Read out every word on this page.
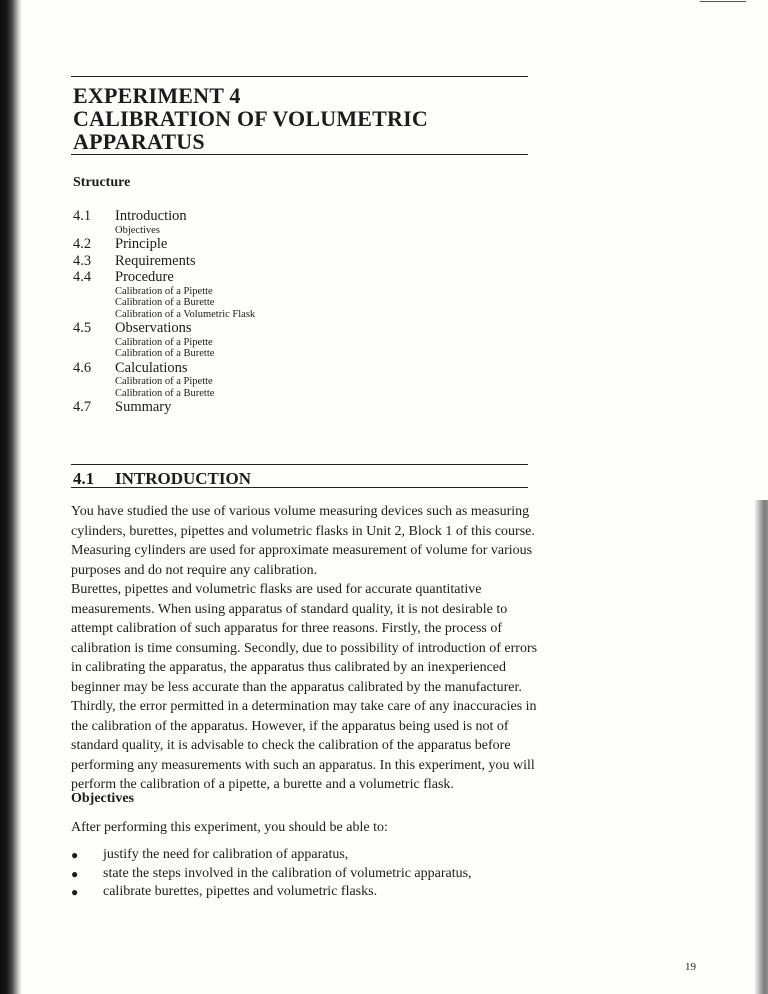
EXPERIMENT 4
CALIBRATION OF VOLUMETRIC
APPARATUS
Structure
4.1	Introduction
Objectives
4.2	Principle
4.3	Requirements
4.4	Procedure
Calibration of a Pipette
Calibration of a Burette
Calibration of a Volumetric Flask
4.5	Observations
Calibration of a Pipette
Calibration of a Burette
4.6	Calculations
Calibration of a Pipette
Calibration of a Burette
4.7	Summary
4.1	INTRODUCTION

You have studied the use of various volume measuring devices such as measuring cylinders, burettes, pipettes and volumetric flasks in Unit 2, Block 1 of this course. Measuring cylinders are used for approximate measurement of volume for various purposes and do not require any calibration.

Burettes, pipettes and volumetric flasks are used for accurate quantitative measurements. When using apparatus of standard quality, it is not desirable to attempt calibration of such apparatus for three reasons. Firstly, the process of calibration is time consuming. Secondly, due to possibility of introduction of errors in calibrating the apparatus, the apparatus thus calibrated by an inexperienced beginner may be less accurate than the apparatus calibrated by the manufacturer. Thirdly, the error permitted in a determination may take care of any inaccuracies in the calibration of the apparatus. However, if the apparatus being used is not of standard quality, it is advisable to check the calibration of the apparatus before performing any measurements with such an apparatus. In this experiment, you will perform the calibration of a pipette, a burette and a volumetric flask.

Objectives

After performing this experiment, you should be able to:

●	justify the need for calibration of apparatus,
●	state the steps involved in the calibration of volumetric apparatus,
●	calibrate burettes, pipettes and volumetric flasks.
19
